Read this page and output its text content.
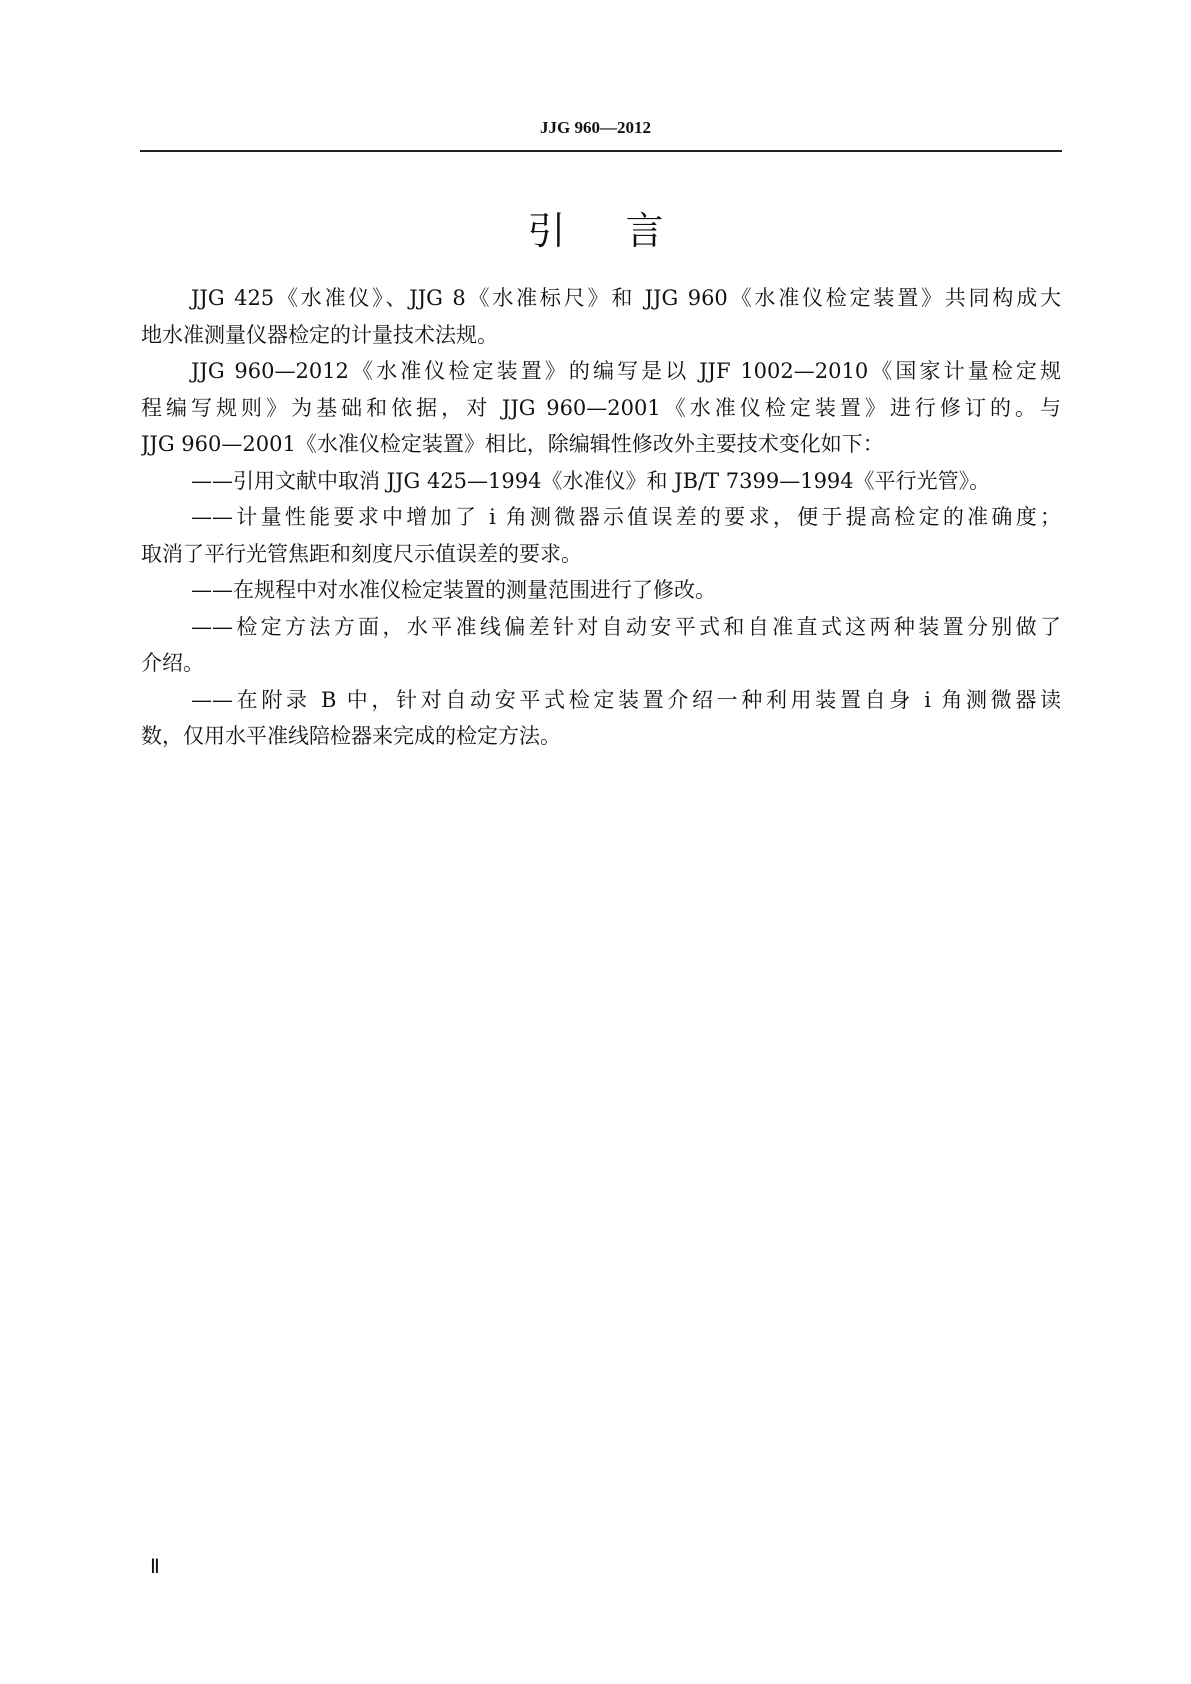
JJG 960—2012
引言
JJG 425《水准仪》、JJG 8《水准标尺》和 JJG 960《水准仪检定装置》共同构成大
地水准测量仪器检定的计量技术法规。
JJG 960—2012《水准仪检定装置》的编写是以 JJF 1002—2010《国家计量检定规
程编写规则》为基础和依据，对 JJG 960—2001《水准仪检定装置》进行修订的。与
JJG 960—2001《水准仪检定装置》相比，除编辑性修改外主要技术变化如下：
——引用文献中取消 JJG 425—1994《水准仪》和 JB/T 7399—1994《平行光管》。
——计量性能要求中增加了 i 角测微器示值误差的要求，便于提高检定的准确度；
取消了平行光管焦距和刻度尺示值误差的要求。
——在规程中对水准仪检定装置的测量范围进行了修改。
——检定方法方面，水平准线偏差针对自动安平式和自准直式这两种装置分别做了
介绍。
——在附录 B 中，针对自动安平式检定装置介绍一种利用装置自身 i 角测微器读
数，仅用水平准线陪检器来完成的检定方法。
Ⅱ
